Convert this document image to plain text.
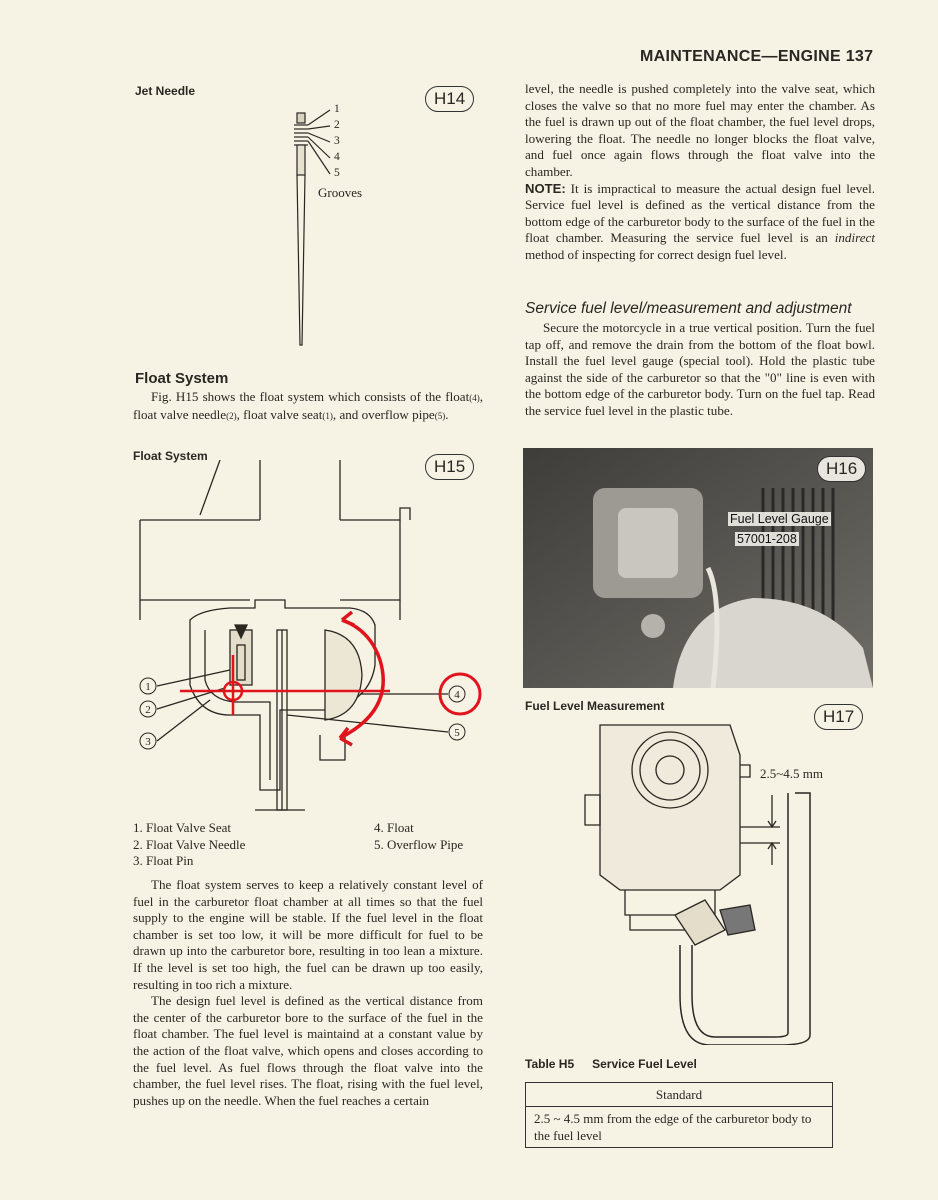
MAINTENANCE—ENGINE 137
Jet Needle	H14
1
2
3
4
5
Grooves
Float System

Fig. H15 shows the float system which consists of the float(4), float valve needle(2), float valve seat(1), and overflow pipe(5).

Float System
H15
1
2
3
4
5
1. Float Valve Seat
2. Float Valve Needle
3. Float Pin
4. Float
5. Overflow Pipe

The float system serves to keep a relatively constant level of fuel in the carburetor float chamber at all times so that the fuel supply to the engine will be stable. If the fuel level in the float chamber is set too low, it will be more difficult for fuel to be drawn up into the carburetor bore, resulting in too lean a mixture. If the level is set too high, the fuel can be drawn up too easily, resulting in too rich a mixture.

The design fuel level is defined as the vertical distance from the center of the carburetor bore to the surface of the fuel in the float chamber. The fuel level is maintaind at a constant value by the action of the float valve, which opens and closes according to the fuel level. As fuel flows through the float valve into the chamber, the fuel level rises. The float, rising with the fuel level, pushes up on the needle. When the fuel reaches a certain

level, the needle is pushed completely into the valve seat, which closes the valve so that no more fuel may enter the chamber. As the fuel is drawn up out of the float chamber, the fuel level drops, lowering the float. The needle no longer blocks the float valve, and fuel once again flows through the float valve into the chamber.

NOTE: It is impractical to measure the actual design fuel level. Service fuel level is defined as the vertical distance from the bottom edge of the carburetor body to the surface of the fuel in the float chamber. Measuring the service fuel level is an indirect method of inspecting for correct design fuel level.

Service fuel level/measurement and adjustment

Secure the motorcycle in a true vertical position. Turn the fuel tap off, and remove the drain from the bottom of the float bowl. Install the fuel level gauge (special tool). Hold the plastic tube against the side of the carburetor so that the "0" line is even with the bottom edge of the carburetor body. Turn on the fuel tap. Read the service fuel level in the plastic tube.

H16
Fuel Level Gauge
57001-208
Fuel Level Measurement
H17
2.5~4.5 mm
Table H5 Service Fuel Level
Standard
2.5 ~ 4.5 mm from the edge of the carburetor body to the fuel level
